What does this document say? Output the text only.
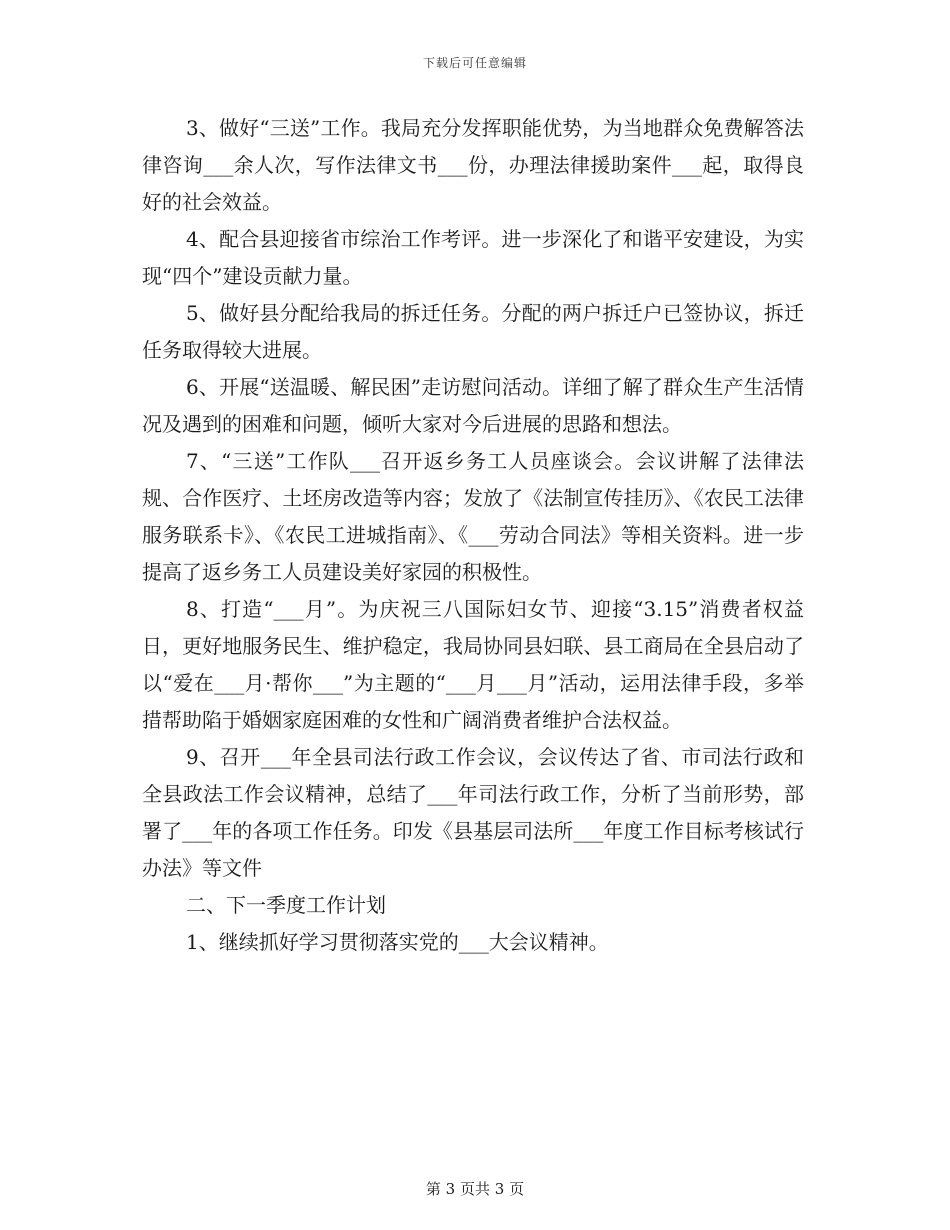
下载后可任意编辑

3、做好“三送”工作。我局充分发挥职能优势，为当地群众免费解答法律咨询___余人次，写作法律文书___份，办理法律援助案件___起，取得良好的社会效益。

4、配合县迎接省市综治工作考评。进一步深化了和谐平安建设，为实现“四个”建设贡献力量。

5、做好县分配给我局的拆迁任务。分配的两户拆迁户已签协议，拆迁任务取得较大进展。

6、开展“送温暖、解民困”走访慰问活动。详细了解了群众生产生活情况及遇到的困难和问题，倾听大家对今后进展的思路和想法。

7、“三送”工作队___召开返乡务工人员座谈会。会议讲解了法律法规、合作医疗、土坯房改造等内容；发放了《法制宣传挂历》、《农民工法律服务联系卡》、《农民工进城指南》、《___劳动合同法》等相关资料。进一步提高了返乡务工人员建设美好家园的积极性。

8、打造“___月”。为庆祝三八国际妇女节、迎接“3.15”消费者权益日，更好地服务民生、维护稳定，我局协同县妇联、县工商局在全县启动了以“爱在___月·帮你___”为主题的“___月___月”活动，运用法律手段，多举措帮助陷于婚姻家庭困难的女性和广阔消费者维护合法权益。

9、召开___年全县司法行政工作会议，会议传达了省、市司法行政和全县政法工作会议精神，总结了___年司法行政工作，分析了当前形势，部署了___年的各项工作任务。印发《县基层司法所___年度工作目标考核试行办法》等文件

二、下一季度工作计划

1、继续抓好学习贯彻落实党的___大会议精神。

第 3 页共 3 页
